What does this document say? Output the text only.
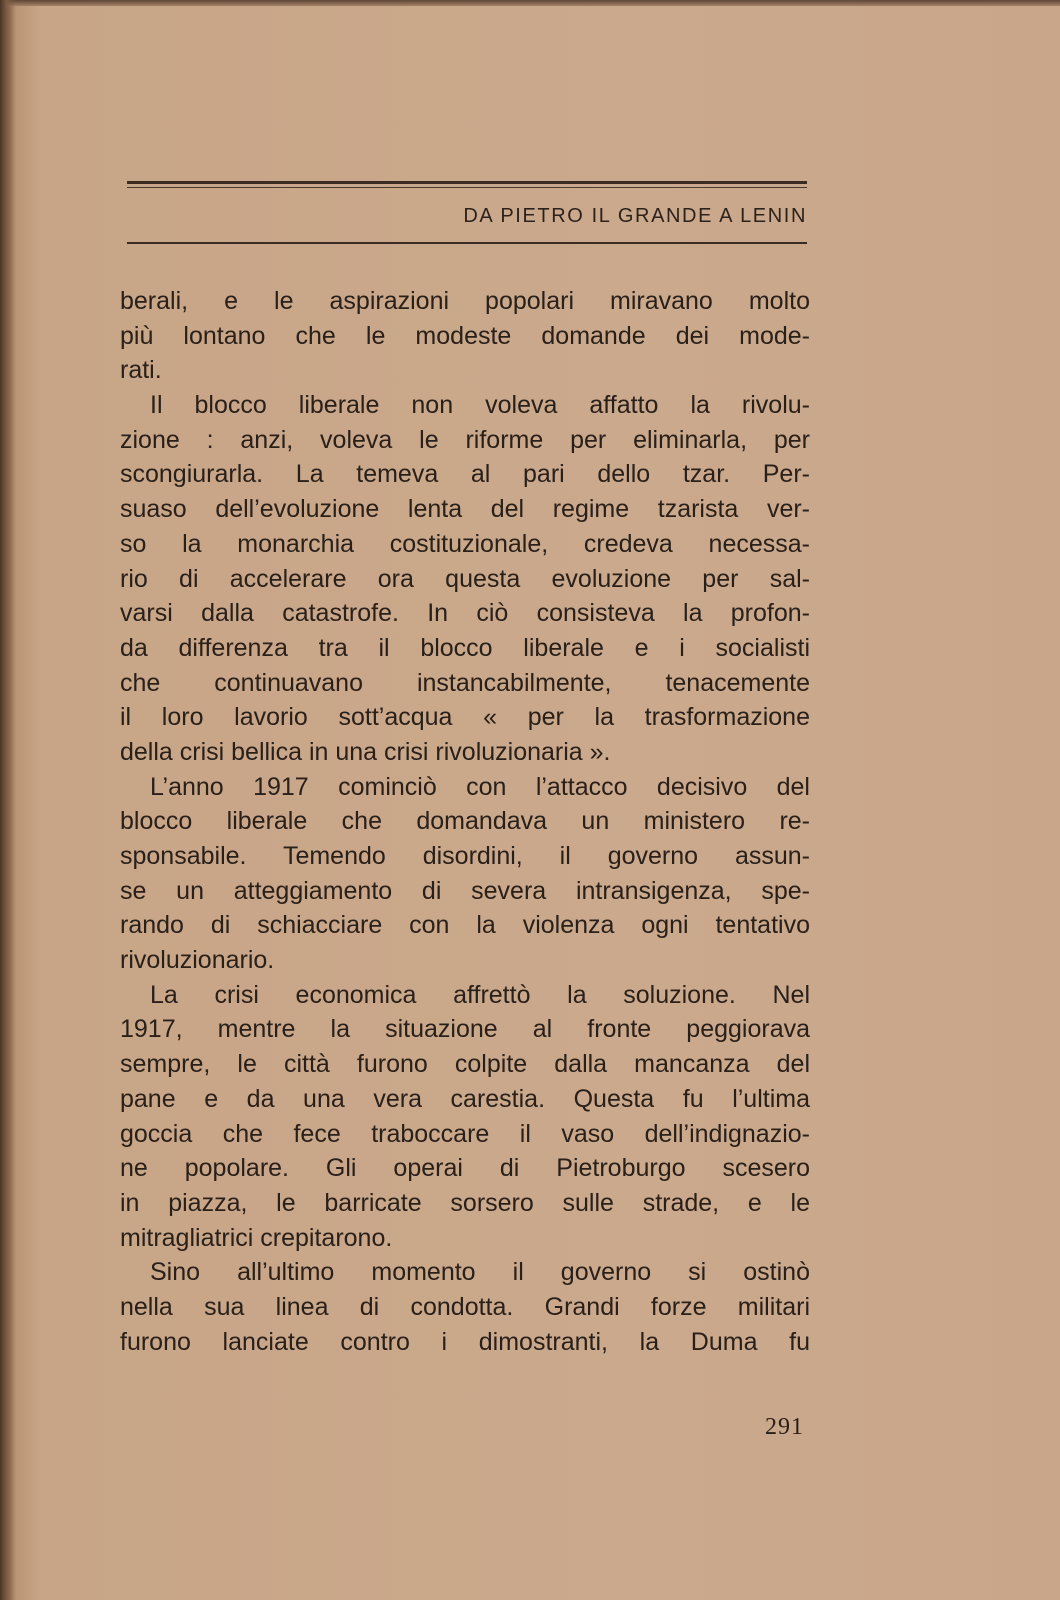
DA PIETRO IL GRANDE A LENIN
berali, e le aspirazioni popolari miravano molto
più lontano che le modeste domande dei mode-
rati.
Il blocco liberale non voleva affatto la rivolu-
zione : anzi, voleva le riforme per eliminarla, per
scongiurarla. La temeva al pari dello tzar. Per-
suaso dell’evoluzione lenta del regime tzarista ver-
so la monarchia costituzionale, credeva necessa-
rio di accelerare ora questa evoluzione per sal-
varsi dalla catastrofe. In ciò consisteva la profon-
da differenza tra il blocco liberale e i socialisti
che continuavano instancabilmente, tenacemente
il loro lavorio sott’acqua « per la trasformazione
della crisi bellica in una crisi rivoluzionaria ».
L’anno 1917 cominciò con l’attacco decisivo del
blocco liberale che domandava un ministero re-
sponsabile. Temendo disordini, il governo assun-
se un atteggiamento di severa intransigenza, spe-
rando di schiacciare con la violenza ogni tentativo
rivoluzionario.
La crisi economica affrettò la soluzione. Nel
1917, mentre la situazione al fronte peggiorava
sempre, le città furono colpite dalla mancanza del
pane e da una vera carestia. Questa fu l’ultima
goccia che fece traboccare il vaso dell’indignazio-
ne popolare. Gli operai di Pietroburgo scesero
in piazza, le barricate sorsero sulle strade, e le
mitragliatrici crepitarono.
Sino all’ultimo momento il governo si ostinò
nella sua linea di condotta. Grandi forze militari
furono lanciate contro i dimostranti, la Duma fu
291
